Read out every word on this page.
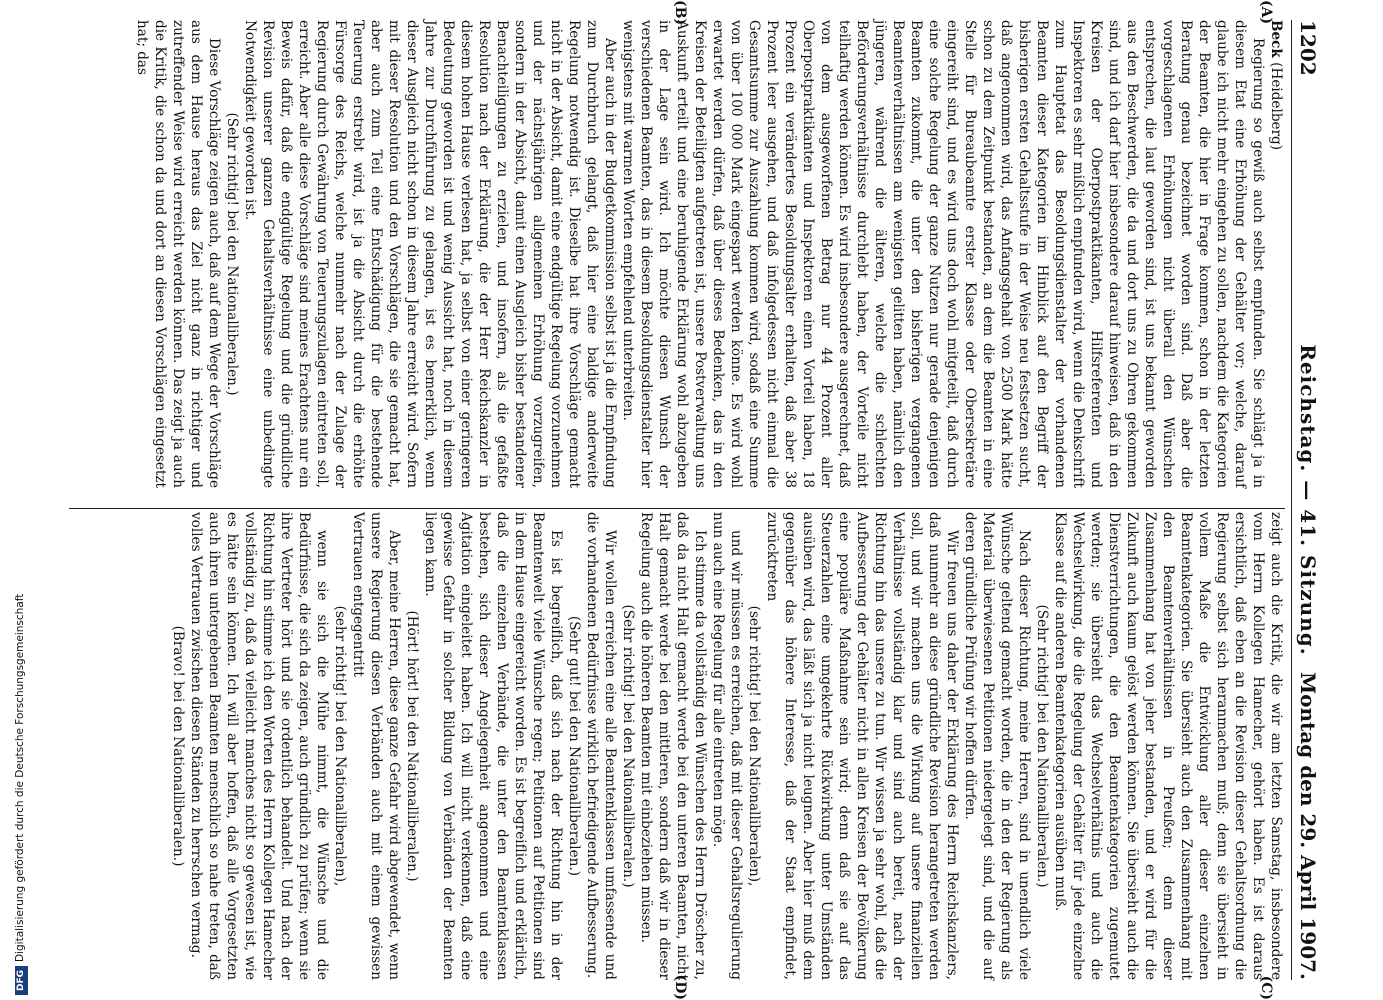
1202
Reichstag. — 41. Sitzung.
Montag den 29. April 1907.
(A)
(B)

Beck (Heidelberg)

Regierung so gewiß auch selbst empfunden. Sie schlägt ja in diesem Etat eine Erhöhung der Gehälter vor; welche, darauf glaube ich nicht mehr eingehen zu sollen, nachdem die Kategorien der Beamten, die hier in Frage kommen, schon in der letzten Beratung genau bezeichnet worden sind. Daß aber die vorgeschlagenen Erhöhungen nicht überall den Wünschen entsprechen, die laut geworden sind, ist uns bekannt geworden aus den Beschwerden, die da und dort uns zu Ohren gekommen sind, und ich darf hier insbesondere darauf hinweisen, daß in den Kreisen der Oberpostpraktikanten, Hilfsreferenten und Inspektoren es sehr mißlich empfunden wird, wenn die Denkschrift zum Hauptetat das Besoldungsdienstalter der vorhandenen Beamten dieser Kategorien im Hinblick auf den Begriff der bisherigen ersten Gehaltsstufe in der Weise neu festsetzen sucht, daß angenommen wird, das Anfangsgehalt von 2500 Mark hätte schon zu dem Zeitpunkt bestanden, an dem die Beamten in eine Stelle für Bureaubeamte erster Klasse oder Obersekretäre eingereiht sind, und es wird uns doch wohl mitgeteilt, daß durch eine solche Regelung der ganze Nutzen nur gerade denjenigen Beamten zukommt, die unter den bisherigen vergangenen Beamtenverhältnissen am wenigsten gelitten haben, nämlich den jüngeren, während die älteren, welche die schlechten Beförderungsverhältnisse durchlebt haben, der Vorteile nicht teilhaftig werden können. Es wird insbesondere ausgerechnet, daß von dem ausgeworfenen Betrag nur 44 Prozent aller Oberpostpraktikanten und Inspektoren einen Vorteil haben, 18 Prozent ein verändertes Besoldungsalter erhalten, daß aber 38 Prozent leer ausgehen, und daß infolgedessen nicht einmal die Gesamtsumme zur Auszahlung kommen wird, sodaß eine Summe von über 100 000 Mark eingespart werden könne. Es wird wohl erwartet werden dürfen, daß über dieses Bedenken, das in den Kreisen der Beteiligten aufgetreten ist, unsere Postverwaltung uns Auskunft erteilt und eine beruhigende Erklärung wohl abzugeben in der Lage sein wird. Ich möchte diesen Wunsch der verschiedenen Beamten, das in diesem Besoldungsdienstalter hier wenigstens mit warmen Worten empfehlend unterbreiten.

Aber auch in der Budgetkommission selbst ist ja die Empfindung zum Durchbruch gelangt, daß hier eine baldige anderweite Regelung notwendig ist. Dieselbe hat ihre Vorschläge gemacht nicht in der Absicht, damit eine endgültige Regelung vorzunehmen und der nächstjährigen allgemeinen Erhöhung vorzugreifen, sondern in der Absicht, damit einen Ausgleich bisher bestandener Benachteiligungen zu erzielen, und insofern, als die gefaßte Resolution nach der Erklärung, die der Herr Reichskanzler in diesem hohen Hause verlesen hat, ja selbst von einer geringeren Bedeutung geworden ist und wenig Aussicht hat, noch in diesem Jahre zur Durchführung zu gelangen, ist es bemerklich, wenn dieser Ausgleich nicht schon in diesem Jahre erreicht wird. Sofern mit dieser Resolution und den Vorschlägen, die sie gemacht hat, aber auch zum Teil eine Entschädigung für die bestehende Teuerung erstrebt wird, ist ja die Absicht durch die erhöhte Fürsorge des Reichs, welche nunmehr nach der Zulage der Regierung durch Gewährung von Teuerungszulagen eintreten soll, erreicht. Aber alle diese Vorschläge sind meines Erachtens nur ein Beweis dafür, daß die endgültige Regelung und die gründliche Revision unserer ganzen Gehaltsverhältnisse eine unbedingte Notwendigkeit geworden ist.

(Sehr richtig! bei den Nationalliberalen.)

Diese Vorschläge zeigen auch, daß auf dem Wege der Vorschläge aus dem Hause heraus das Ziel nicht ganz in richtiger und zutreffender Weise wird erreicht werden können. Das zeigt ja auch die Kritik, die schon da und dort an diesen Vorschlägen eingesetzt hat; das

(C)
(D)

zeigt auch die Kritik, die wir am letzten Samstag, insbesondere vom Herrn Kollegen Hamecher, gehört haben. Es ist daraus ersichtlich, daß eben an die Revision dieser Gehaltsordnung die Regierung selbst sich heranmachen muß; denn sie übersieht in vollem Maße die Entwicklung aller dieser einzelnen Beamtenkategorien. Sie übersieht auch den Zusammenhang mit den Beamtenverhältnissen in Preußen; denn dieser Zusammenhang hat von jeher bestanden, und er wird für die Zukunft auch kaum gelöst werden können. Sie übersieht auch die Dienstverrichtungen, die den Beamtenkategorien zugemutet werden; sie übersieht das Wechselverhältnis und auch die Wechselwirkung, die die Regelung der Gehälter für jede einzelne Klasse auf die anderen Beamtenkategorien ausüben muß.

(Sehr richtig! bei den Nationalliberalen.)

Nach dieser Richtung, meine Herren, sind in unendlich viele Wünsche geltend gemacht worden, die in den der Regierung als Material überwiesenen Petitionen niedergelegt sind, und die auf deren gründliche Prüfung wir hoffen dürfen.

Wir freuen uns daher der Erklärung des Herrn Reichskanzlers, daß nunmehr an diese gründliche Revision herangetreten werden soll, und wir machen uns die Wirkung auf unsere finanziellen Verhältnisse vollständig klar und sind auch bereit, nach der Richtung hin das unsere zu tun. Wir wissen ja sehr wohl, daß die Aufbesserung der Gehälter nicht in allen Kreisen der Bevölkerung eine populäre Maßnahme sein wird; denn daß sie auf das Steuerzahlen eine umgekehrte Rückwirkung unter Umständen ausüben wird, das läßt sich ja nicht leugnen. Aber hier muß dem gegenüber das höhere Interesse, daß der Staat empfindet, zurücktreten

(sehr richtig! bei den Nationalliberalen),

und wir müssen es erreichen, daß mit dieser Gehaltsregulierung nun auch eine Regelung für alle eintreten möge.

Ich stimme da vollständig den Wünschen des Herrn Dröscher zu, daß da nicht Halt gemacht werde bei den unteren Beamten, nicht Halt gemacht werde bei den mittleren, sondern daß wir in dieser Regelung auch die höheren Beamten mit einbeziehen müssen.

(Sehr richtig! bei den Nationalliberalen.)

Wir wollen erreichen eine alle Beamtenklassen umfassende und die vorhandenen Bedürfnisse wirklich befriedigende Aufbesserung.

(Sehr gut! bei den Nationalliberalen.)

Es ist begreiflich, daß sich nach der Richtung hin in der Beamtenwelt viele Wünsche regen; Petitionen auf Petitionen sind in dem Hause eingereicht worden. Es ist begreiflich und erklärlich, daß die einzelnen Verbände, die unter den Beamtenklassen bestehen, sich dieser Angelegenheit angenommen und eine Agitation eingeleitet haben. Ich will nicht verkennen, daß eine gewisse Gefahr in solcher Bildung von Verbänden der Beamten liegen kann.

(Hört! hört! bei den Nationalliberalen.)

Aber, meine Herren, diese ganze Gefahr wird abgewendet, wenn unsere Regierung diesen Verbänden auch mit einem gewissen Vertrauen entgegentritt

(sehr richtig! bei den Nationalliberalen),

wenn sie sich die Mühe nimmt, die Wünsche und die Bedürfnisse, die sich da zeigen, auch gründlich zu prüfen; wenn sie ihre Vertreter hört und sie ordentlich behandelt. Und nach der Richtung hin stimme ich den Worten des Herrn Kollegen Hamecher vollständig zu, daß da vielleicht manches nicht so gewesen ist, wie es hätte sein können. Ich will aber hoffen, daß alle Vorgesetzten auch ihren untergebenen Beamten menschlich so nahe treten, daß volles Vertrauen zwischen diesen Ständen zu herrschen vermag.

(Bravo! bei den Nationalliberalen.)

DFGDigitalisierung gefördert durch die Deutsche Forschungsgemeinschaft
